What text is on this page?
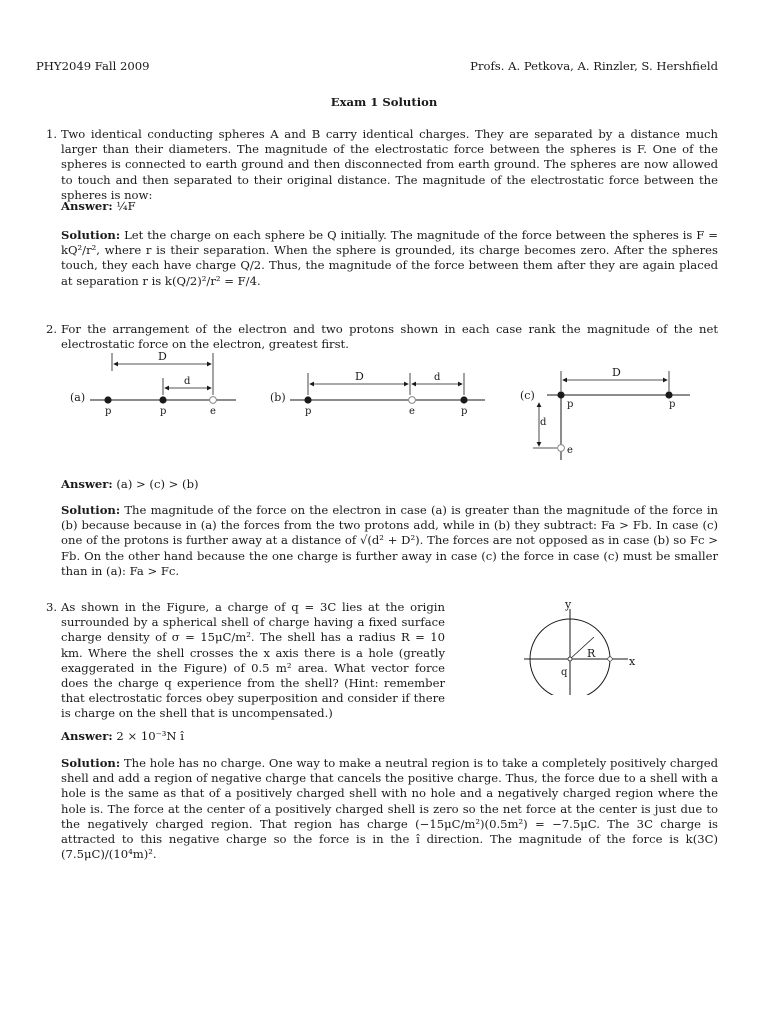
PHY2049 Fall 2009	Profs. A. Petkova, A. Rinzler, S. Hershfield
Exam 1 Solution
1. Two identical conducting spheres A and B carry identical charges. They are separated by a distance much larger than their diameters. The magnitude of the electrostatic force between the spheres is F. One of the spheres is connected to earth ground and then disconnected from earth ground. The spheres are now allowed to touch and then separated to their original distance. The magnitude of the electrostatic force between the spheres is now:
Answer: ¼F
Solution: Let the charge on each sphere be Q initially. The magnitude of the force between the spheres is F = kQ²/r², where r is their separation. When the sphere is grounded, its charge becomes zero. After the spheres touch, they each have charge Q/2. Thus, the magnitude of the force between them after they are again placed at separation r is k(Q/2)²/r² = F/4.
2. For the arrangement of the electron and two protons shown in each case rank the magnitude of the net electrostatic force on the electron, greatest first.
(a)
D
d
p	p	e
(b)
D	d
p	e	p
(c)
D
d
p	p
e
Answer: (a) > (c) > (b)
Solution: The magnitude of the force on the electron in case (a) is greater than the magnitude of the force in (b) because because in (a) the forces from the two protons add, while in (b) they subtract: Fa > Fb. In case (c) one of the protons is further away at a distance of √(d² + D²). The forces are not opposed as in case (b) so Fc > Fb. On the other hand because the one charge is further away in case (c) the force in case (c) must be smaller than in (a): Fa > Fc.
3. As shown in the Figure, a charge of q = 3C lies at the origin surrounded by a spherical shell of charge having a fixed surface charge density of σ = 15μC/m². The shell has a radius R = 10 km. Where the shell crosses the x axis there is a hole (greatly exaggerated in the Figure) of 0.5 m² area. What vector force does the charge q experience from the shell? (Hint: remember that electrostatic forces obey superposition and consider if there is charge on the shell that is uncompensated.)
y
x
R
q
Answer: 2 × 10⁻³N î
Solution: The hole has no charge. One way to make a neutral region is to take a completely positively charged shell and add a region of negative charge that cancels the positive charge. Thus, the force due to a shell with a hole is the same as that of a positively charged shell with no hole and a negatively charged region where the hole is. The force at the center of a positively charged shell is zero so the net force at the center is just due to the negatively charged region. That region has charge (−15μC/m²)(0.5m²) = −7.5μC. The 3C charge is attracted to this negative charge so the force is in the î direction. The magnitude of the force is k(3C)(7.5μC)/(10⁴m)².
